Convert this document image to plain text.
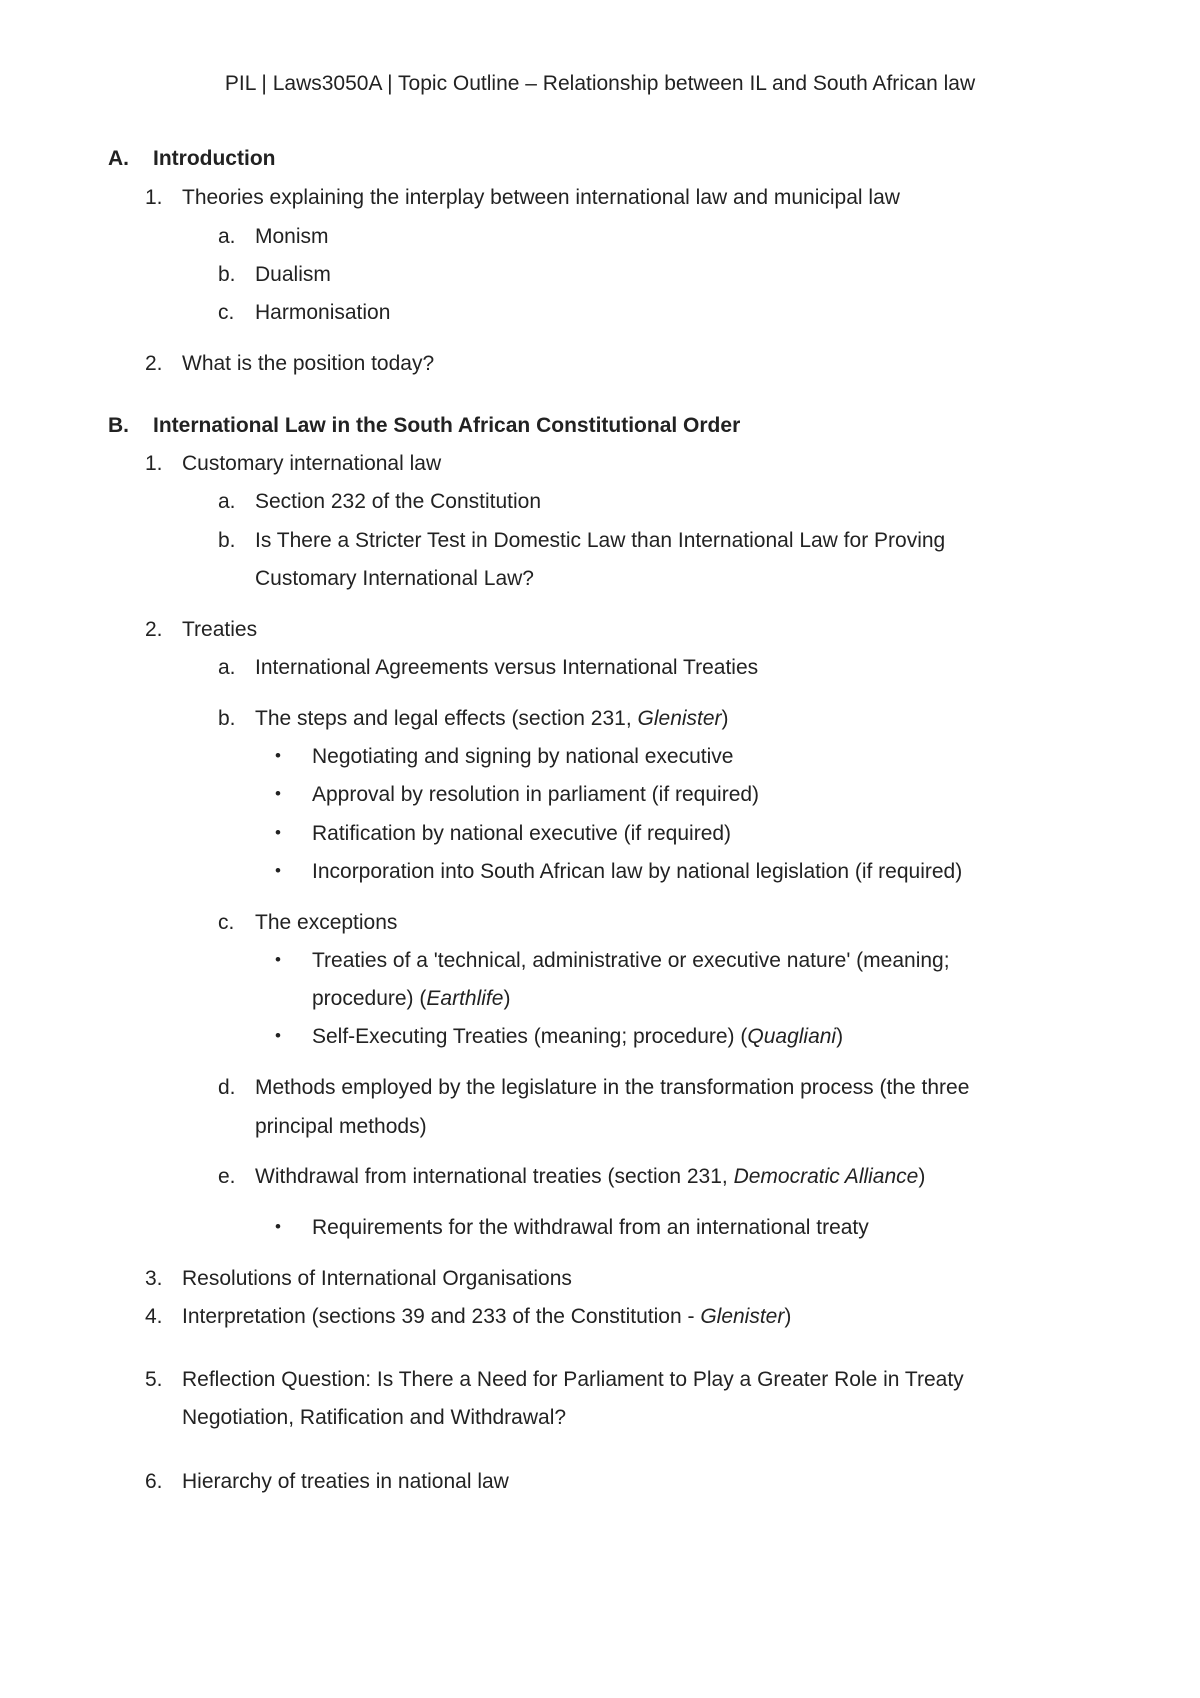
PIL | Laws3050A | Topic Outline – Relationship between IL and South African law
A. Introduction
1. Theories explaining the interplay between international law and municipal law
a. Monism
b. Dualism
c. Harmonisation
2. What is the position today?
B. International Law in the South African Constitutional Order
1. Customary international law
a. Section 232 of the Constitution
b. Is There a Stricter Test in Domestic Law than International Law for Proving
Customary International Law?
2. Treaties
a. International Agreements versus International Treaties
b. The steps and legal effects (section 231, Glenister)
• Negotiating and signing by national executive
• Approval by resolution in parliament (if required)
• Ratification by national executive (if required)
• Incorporation into South African law by national legislation (if required)
c. The exceptions
• Treaties of a 'technical, administrative or executive nature' (meaning;
procedure) (Earthlife)
• Self-Executing Treaties (meaning; procedure) (Quagliani)
d. Methods employed by the legislature in the transformation process (the three
principal methods)
e. Withdrawal from international treaties (section 231, Democratic Alliance)
• Requirements for the withdrawal from an international treaty
3. Resolutions of International Organisations
4. Interpretation (sections 39 and 233 of the Constitution - Glenister)
5. Reflection Question: Is There a Need for Parliament to Play a Greater Role in Treaty
Negotiation, Ratification and Withdrawal?
6. Hierarchy of treaties in national law
